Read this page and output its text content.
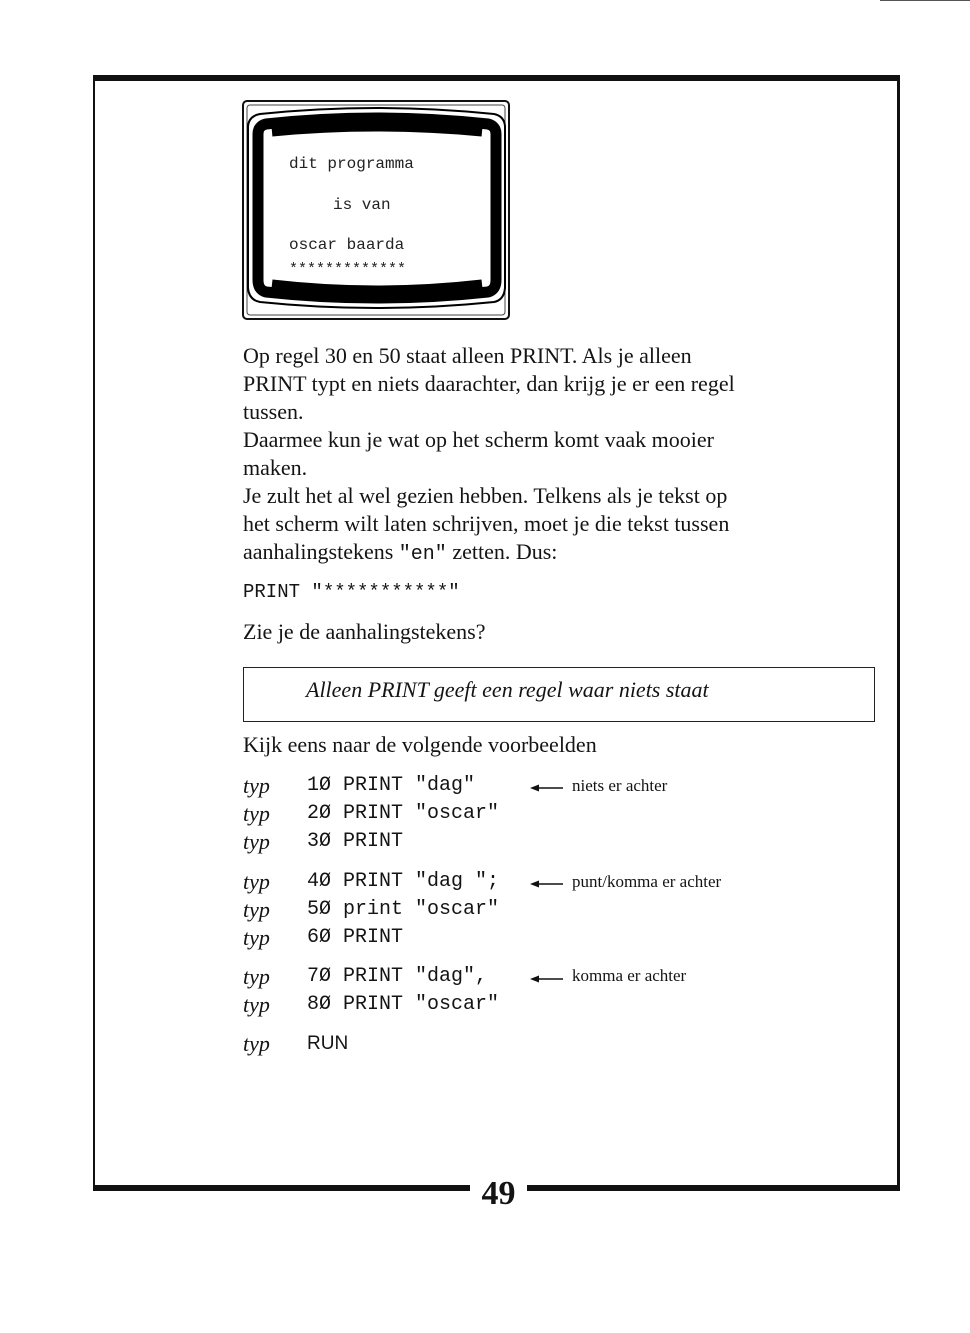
49
dit programma
is van
oscar baarda
*************
Op regel 30 en 50 staat alleen PRINT. Als je alleen
PRINT typt en niets daarachter, dan krijg je er een regel
tussen.
Daarmee kun je wat op het scherm komt vaak mooier
maken.
Je zult het al wel gezien hebben. Telkens als je tekst op
het scherm wilt laten schrijven, moet je die tekst tussen
aanhalingstekens "en" zetten. Dus:
PRINT "***********"
Zie je de aanhalingstekens?
Alleen PRINT geeft een regel waar niets staat
Kijk eens naar de volgende voorbeelden
typ 1Ø PRINT "dag"	niets er achter
typ 2Ø PRINT "oscar"
typ 3Ø PRINT
typ 4Ø PRINT "dag ";	punt/komma er achter
typ 5Ø print "oscar"
typ 6Ø PRINT
typ 7Ø PRINT "dag",	komma er achter
typ 8Ø PRINT "oscar"
typ RUN
